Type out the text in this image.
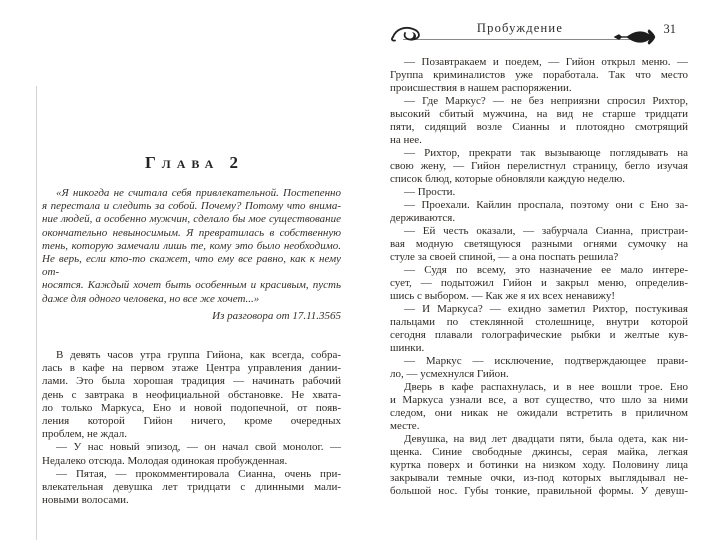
Глава 2
«Я никогда не считала себя привлекательной. Постепенно
я перестала и следить за собой. Почему? Потому что внима-
ние людей, а особенно мужчин, сделало бы мое существование
окончательно невыносимым. Я превратилась в собственную
тень, которую замечали лишь те, кому это было необходимо.
Не верь, если кто-то скажет, что ему все равно, как к нему от-
носятся. Каждый хочет быть особенным и красивым, пусть
даже для одного человека, но все же хочет...»
Из разговора от 17.11.3565
В девять часов утра группа Гийона, как всегда, собра-
лась в кафе на первом этаже Центра управления дании-
лами. Это была хорошая традиция — начинать рабочий
день с завтрака в неофициальной обстановке. Не хвата-
ло только Маркуса, Ено и новой подопечной, от появ-
ления которой Гийон ничего, кроме очередных
проблем, не ждал.
— У нас новый эпизод, — он начал свой монолог. —
Недалеко отсюда. Молодая одинокая пробужденная.
— Пятая, — прокомментировала Сианна, очень при-
влекательная девушка лет тридцати с длинными мали-
новыми волосами.
Пробуждение	31
— Позавтракаем и поедем, — Гийон открыл меню. —
Группа криминалистов уже поработала. Так что место
происшествия в нашем распоряжении.
— Где Маркус? — не без неприязни спросил Рихтор,
высокий сбитый мужчина, на вид не старше тридцати
пяти, сидящий возле Сианны и плотоядно смотрящий
на нее.
— Рихтор, прекрати так вызывающе поглядывать на
свою жену, — Гийон перелистнул страницу, бегло изучая
список блюд, которые обновляли каждую неделю.
— Прости.
— Проехали. Кайлин проспала, поэтому они с Ено за-
держиваются.
— Ей честь оказали, — забурчала Сианна, пристраи-
вая модную светящуюся разными огнями сумочку на
стуле за своей спиной, — а она поспать решила?
— Судя по всему, это назначение ее мало интере-
сует, — подытожил Гийон и закрыл меню, определив-
шись с выбором. — Как же я их всех ненавижу!
— И Маркуса? — ехидно заметил Рихтор, постукивая
пальцами по стеклянной столешнице, внутри которой
сегодня плавали голографические рыбки и желтые кув-
шинки.
— Маркус — исключение, подтверждающее прави-
ло, — усмехнулся Гийон.
Дверь в кафе распахнулась, и в нее вошли трое. Ено
и Маркуса узнали все, а вот существо, что шло за ними
следом, они никак не ожидали встретить в приличном
месте.
Девушка, на вид лет двадцати пяти, была одета, как ни-
щенка. Синие свободные джинсы, серая майка, легкая
куртка поверх и ботинки на низком ходу. Половину лица
закрывали темные очки, из-под которых выглядывал не-
большой нос. Губы тонкие, правильной формы. У девуш-
